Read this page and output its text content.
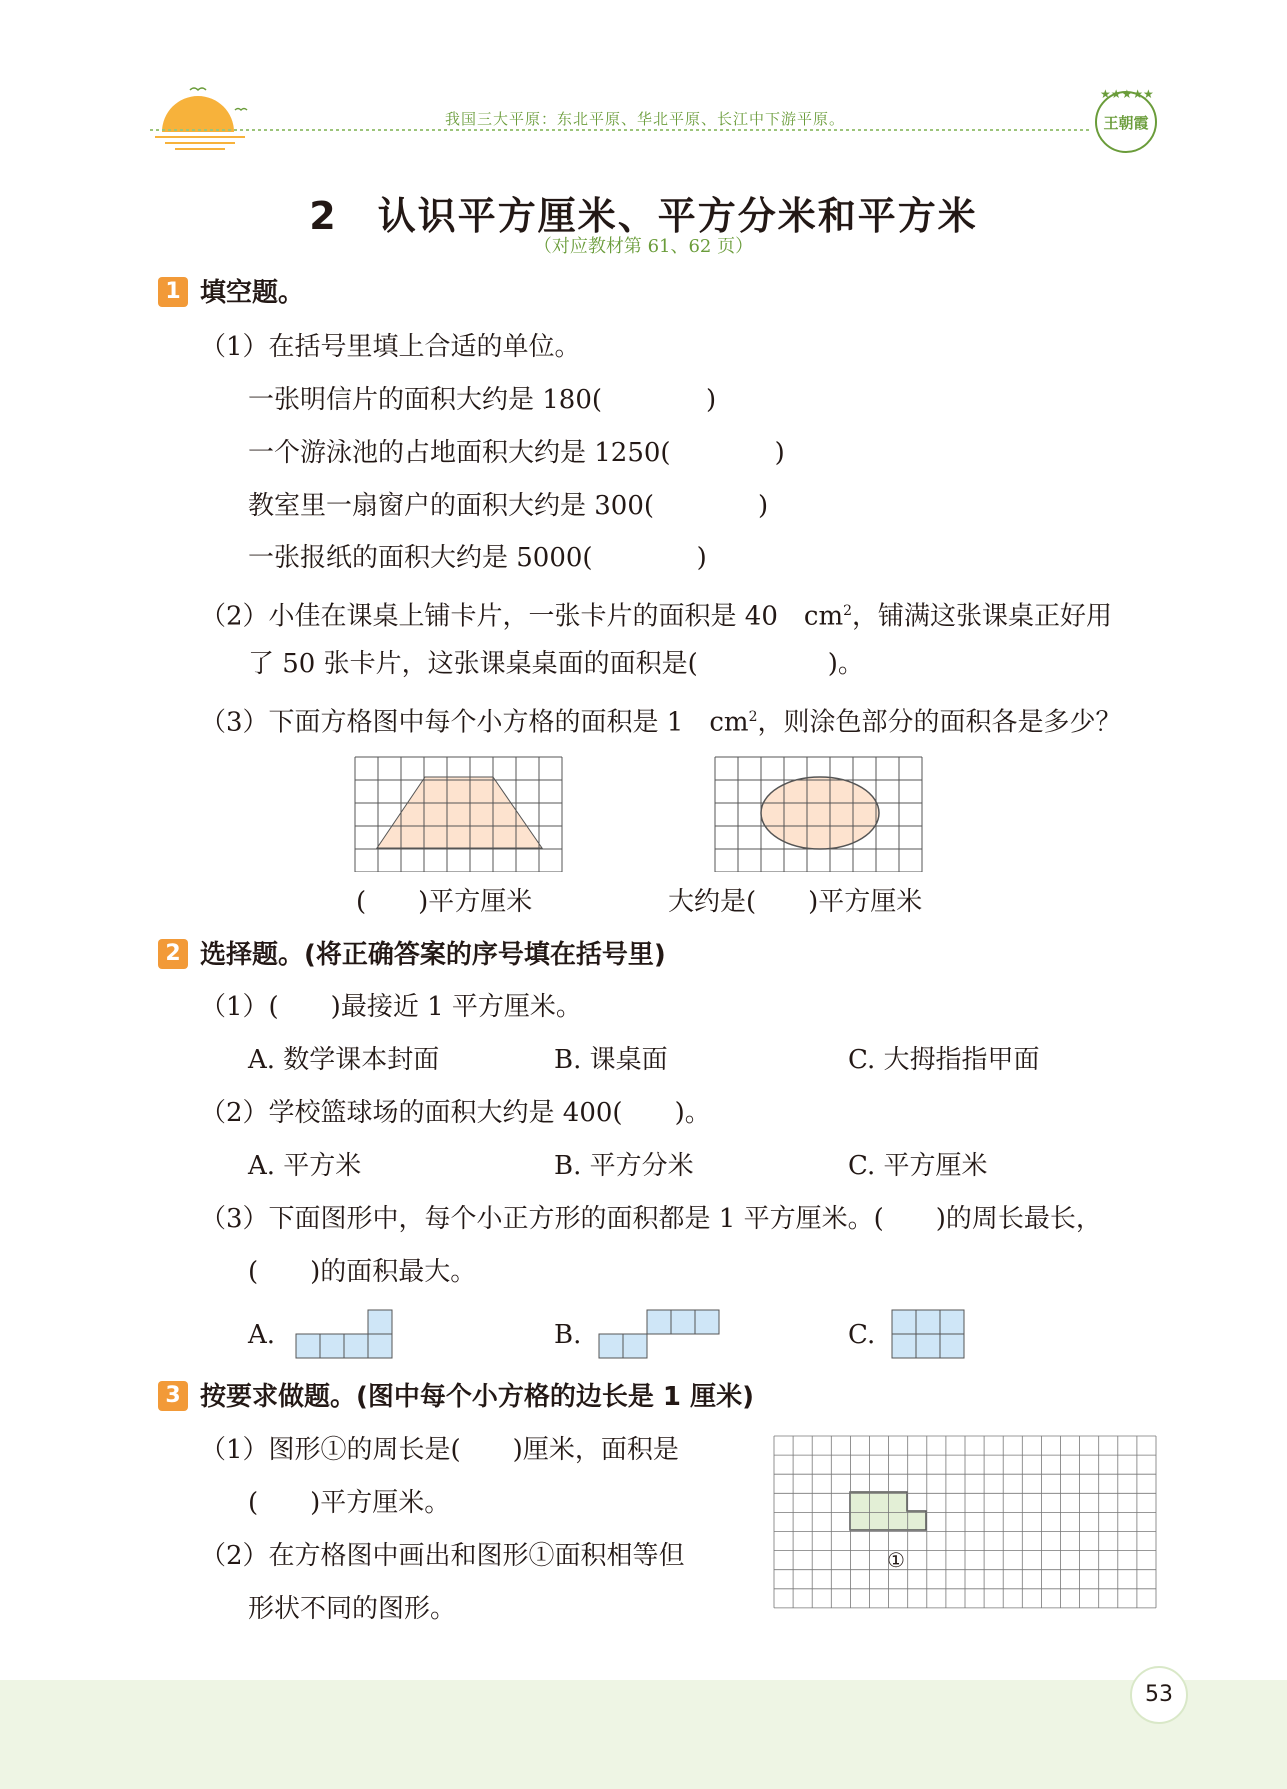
我国三大平原：东北平原、华北平原、长江中下游平原。
★★★★★
王朝霞
2　认识平方厘米、平方分米和平方米
（对应教材第 61、62 页）
1 填空题。
（1）在括号里填上合适的单位。
一张明信片的面积大约是 180(　　　　)
一个游泳池的占地面积大约是 1250(　　　　)
教室里一扇窗户的面积大约是 300(　　　　)
一张报纸的面积大约是 5000(　　　　)
（2）小佳在课桌上铺卡片，一张卡片的面积是 40　$cm^2$，铺满这张课桌正好用
了 50 张卡片，这张课桌桌面的面积是(　　　　　)。
（3）下面方格图中每个小方格的面积是 1　$cm^2$，则涂色部分的面积各是多少？
(　　)平方厘米	大约是(　　)平方厘米
2 选择题。(将正确答案的序号填在括号里)
（1）(　　)最接近 1 平方厘米。
A. 数学课本封面	B. 课桌面	C. 大拇指指甲面
（2）学校篮球场的面积大约是 400(　　)。
A. 平方米	B. 平方分米	C. 平方厘米
（3）下面图形中，每个小正方形的面积都是 1 平方厘米。(　　)的周长最长，
(　　)的面积最大。
A.	B.	C.
3 按要求做题。(图中每个小方格的边长是 1 厘米)
（1）图形①的周长是(　　)厘米，面积是
(　　)平方厘米。
（2）在方格图中画出和图形①面积相等但
形状不同的图形。
①
53
